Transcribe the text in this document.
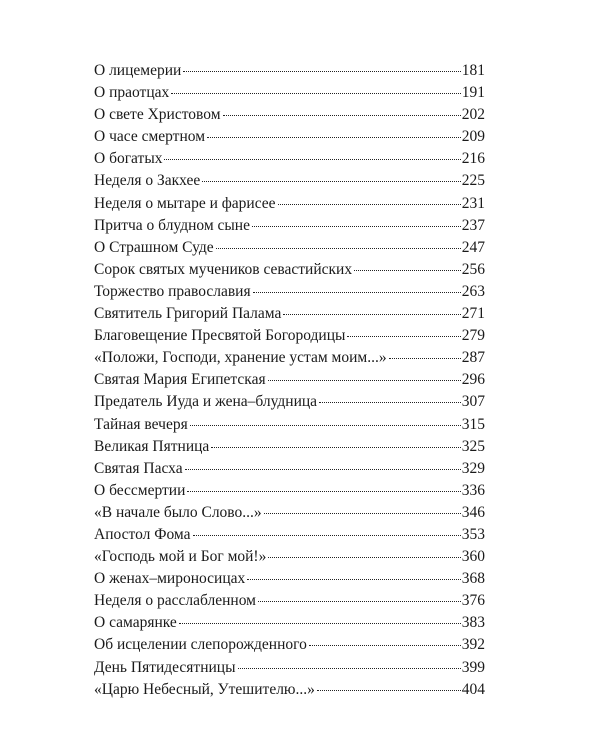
О лицемерии	181
О праотцах	191
О свете Христовом	202
О часе смертном	209
О богатых	216
Неделя о Закхее	225
Неделя о мытаре и фарисее	231
Притча о блудном сыне	237
О Страшном Суде	247
Сорок святых мучеников севастийских	256
Торжество православия	263
Святитель Григорий Палама	271
Благовещение Пресвятой Богородицы	279
«Положи, Господи, хранение устам моим...»	287
Святая Мария Египетская	296
Предатель Иуда и жена–блудница	307
Тайная вечеря	315
Великая Пятница	325
Святая Пасха	329
О бессмертии	336
«В начале было Слово...»	346
Апостол Фома	353
«Господь мой и Бог мой!»	360
О женах–мироносицах	368
Неделя о расслабленном	376
О самарянке	383
Об исцелении слепорожденного	392
День Пятидесятницы	399
«Царю Небесный, Утешителю...»	404
